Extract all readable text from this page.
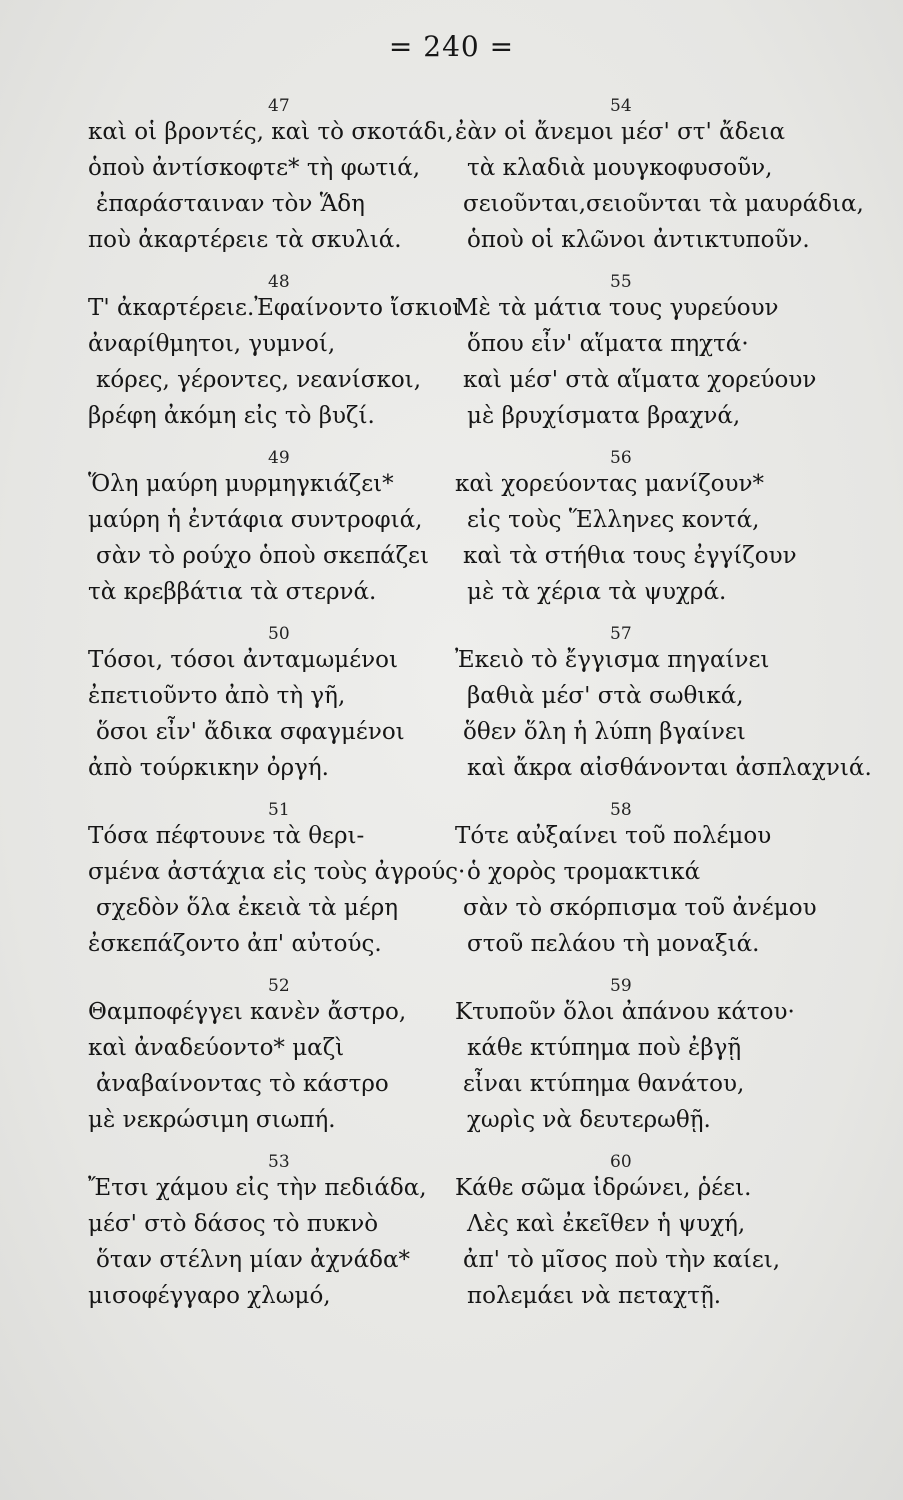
= 240 =
47
καὶ οἱ βροντές, καὶ τὸ σκοτάδι,
ὁποὺ ἀντίσκοφτε* τὴ φωτιά,
ἐπαράσταιναν τὸν Ἅδη
ποὺ ἀκαρτέρειε τὰ σκυλιά.
48
Τ' ἀκαρτέρειε.Ἐφαίνοντο ἴσκιοι
ἀναρίθμητοι, γυμνοί,
κόρες, γέροντες, νεανίσκοι,
βρέφη ἀκόμη εἰς τὸ βυζί.
49
Ὅλη μαύρη μυρμηγκιάζει*
μαύρη ἡ ἐντάφια συντροφιά,
σὰν τὸ ρούχο ὁποὺ σκεπάζει
τὰ κρεββάτια τὰ στερνά.
50
Τόσοι, τόσοι ἀνταμωμένοι
ἐπετιοῦντο ἀπὸ τὴ γῆ,
ὅσοι εἶν' ἄδικα σφαγμένοι
ἀπὸ τούρκικην ὀργή.
51
Τόσα πέφτουνε τὰ θερι-
σμένα ἀστάχια εἰς τοὺς ἀγρούς·
σχεδὸν ὅλα ἐκειὰ τὰ μέρη
ἐσκεπάζοντο ἀπ' αὐτούς.
52
Θαμποφέγγει κανὲν ἄστρο,
καὶ ἀναδεύοντο* μαζὶ
ἀναβαίνοντας τὸ κάστρο
μὲ νεκρώσιμη σιωπή.
53
Ἔτσι χάμου εἰς τὴν πεδιάδα,
μέσ' στὸ δάσος τὸ πυκνὸ
ὅταν στέλνη μίαν ἀχνάδα*
μισοφέγγαρο χλωμό,
54
ἐὰν οἱ ἄνεμοι μέσ' στ' ἄδεια
τὰ κλαδιὰ μουγκοφυσοῦν,
σειοῦνται,σειοῦνται τὰ μαυράδια,
ὁποὺ οἱ κλῶνοι ἀντικτυποῦν.
55
Μὲ τὰ μάτια τους γυρεύουν
ὅπου εἶν' αἵματα πηχτά·
καὶ μέσ' στὰ αἵματα χορεύουν
μὲ βρυχίσματα βραχνά,
56
καὶ χορεύοντας μανίζουν*
εἰς τοὺς Ἕλληνες κοντά,
καὶ τὰ στήθια τους ἐγγίζουν
μὲ τὰ χέρια τὰ ψυχρά.
57
Ἐκειὸ τὸ ἔγγισμα πηγαίνει
βαθιὰ μέσ' στὰ σωθικά,
ὅθεν ὅλη ἡ λύπη βγαίνει
καὶ ἄκρα αἰσθάνονται ἀσπλαχνιά.
58
Τότε αὐξαίνει τοῦ πολέμου
ὁ χορὸς τρομακτικά
σὰν τὸ σκόρπισμα τοῦ ἀνέμου
στοῦ πελάου τὴ μοναξιά.
59
Κτυποῦν ὅλοι ἀπάνου κάτου·
κάθε κτύπημα ποὺ ἐβγῇ
εἶναι κτύπημα θανάτου,
χωρὶς νὰ δευτερωθῇ.
60
Κάθε σῶμα ἱδρώνει, ῥέει.
Λὲς καὶ ἐκεῖθεν ἡ ψυχή,
ἀπ' τὸ μῖσος ποὺ τὴν καίει,
πολεμάει νὰ πεταχτῇ.
